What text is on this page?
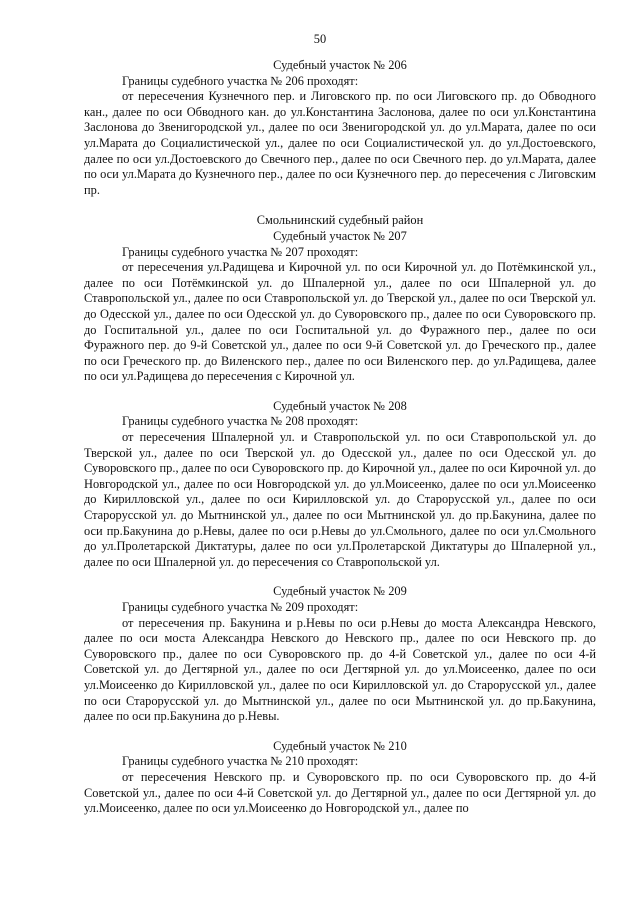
50
Судебный участок № 206
Границы судебного участка № 206 проходят:

от пересечения Кузнечного пер. и Лиговского пр. по оси Лиговского пр. до Обводного кан., далее по оси Обводного кан. до ул.Константина Заслонова, далее по оси ул.Константина Заслонова до Звенигородской ул., далее по оси Звенигородской ул. до ул.Марата, далее по оси ул.Марата до Социалистической ул., далее по оси Социалистической ул. до ул.Достоевского, далее по оси ул.Достоевского до Свечного пер., далее по оси Свечного пер. до ул.Марата, далее по оси ул.Марата до Кузнечного пер., далее по оси Кузнечного пер. до пересечения с Лиговским пр.

Смольнинский судебный район
Судебный участок № 207
Границы судебного участка № 207 проходят:

от пересечения ул.Радищева и Кирочной ул. по оси Кирочной ул. до Потёмкинской ул., далее по оси Потёмкинской ул. до Шпалерной ул., далее по оси Шпалерной ул. до Ставропольской ул., далее по оси Ставропольской ул. до Тверской ул., далее по оси Тверской ул. до Одесской ул., далее по оси Одесской ул. до Суворовского пр., далее по оси Суворовского пр. до Госпитальной ул., далее по оси Госпитальной ул. до Фуражного пер., далее по оси Фуражного пер. до 9-й Советской ул., далее по оси 9-й Советской ул. до Греческого пр., далее по оси Греческого пр. до Виленского пер., далее по оси Виленского пер. до ул.Радищева, далее по оси ул.Радищева до пересечения с Кирочной ул.

Судебный участок № 208
Границы судебного участка № 208 проходят:

от пересечения Шпалерной ул. и Ставропольской ул. по оси Ставропольской ул. до Тверской ул., далее по оси Тверской ул. до Одесской ул., далее по оси Одесской ул. до Суворовского пр., далее по оси Суворовского пр. до Кирочной ул., далее по оси Кирочной ул. до Новгородской ул., далее по оси Новгородской ул. до ул.Моисеенко, далее по оси ул.Моисеенко до Кирилловской ул., далее по оси Кирилловской ул. до Старорусской ул., далее по оси Старорусской ул. до Мытнинской ул., далее по оси Мытнинской ул. до пр.Бакунина, далее по оси пр.Бакунина до р.Невы, далее по оси р.Невы до ул.Смольного, далее по оси ул.Смольного до ул.Пролетарской Диктатуры, далее по оси ул.Пролетарской Диктатуры до Шпалерной ул., далее по оси Шпалерной ул. до пересечения со Ставропольской ул.

Судебный участок № 209
Границы судебного участка № 209 проходят:

от пересечения пр. Бакунина и р.Невы по оси р.Невы до моста Александра Невского, далее по оси моста Александра Невского до Невского пр., далее по оси Невского пр. до Суворовского пр., далее по оси Суворовского пр. до 4-й Советской ул., далее по оси 4-й Советской ул. до Дегтярной ул., далее по оси Дегтярной ул. до ул.Моисеенко, далее по оси ул.Моисеенко до Кирилловской ул., далее по оси Кирилловской ул. до Старорусской ул., далее по оси Старорусской ул. до Мытнинской ул., далее по оси Мытнинской ул. до пр.Бакунина, далее по оси пр.Бакунина до р.Невы.

Судебный участок № 210
Границы судебного участка № 210 проходят:

от пересечения Невского пр. и Суворовского пр. по оси Суворовского пр. до 4-й Советской ул., далее по оси 4-й Советской ул. до Дегтярной ул., далее по оси Дегтярной ул. до ул.Моисеенко, далее по оси ул.Моисеенко до Новгородской ул., далее по
